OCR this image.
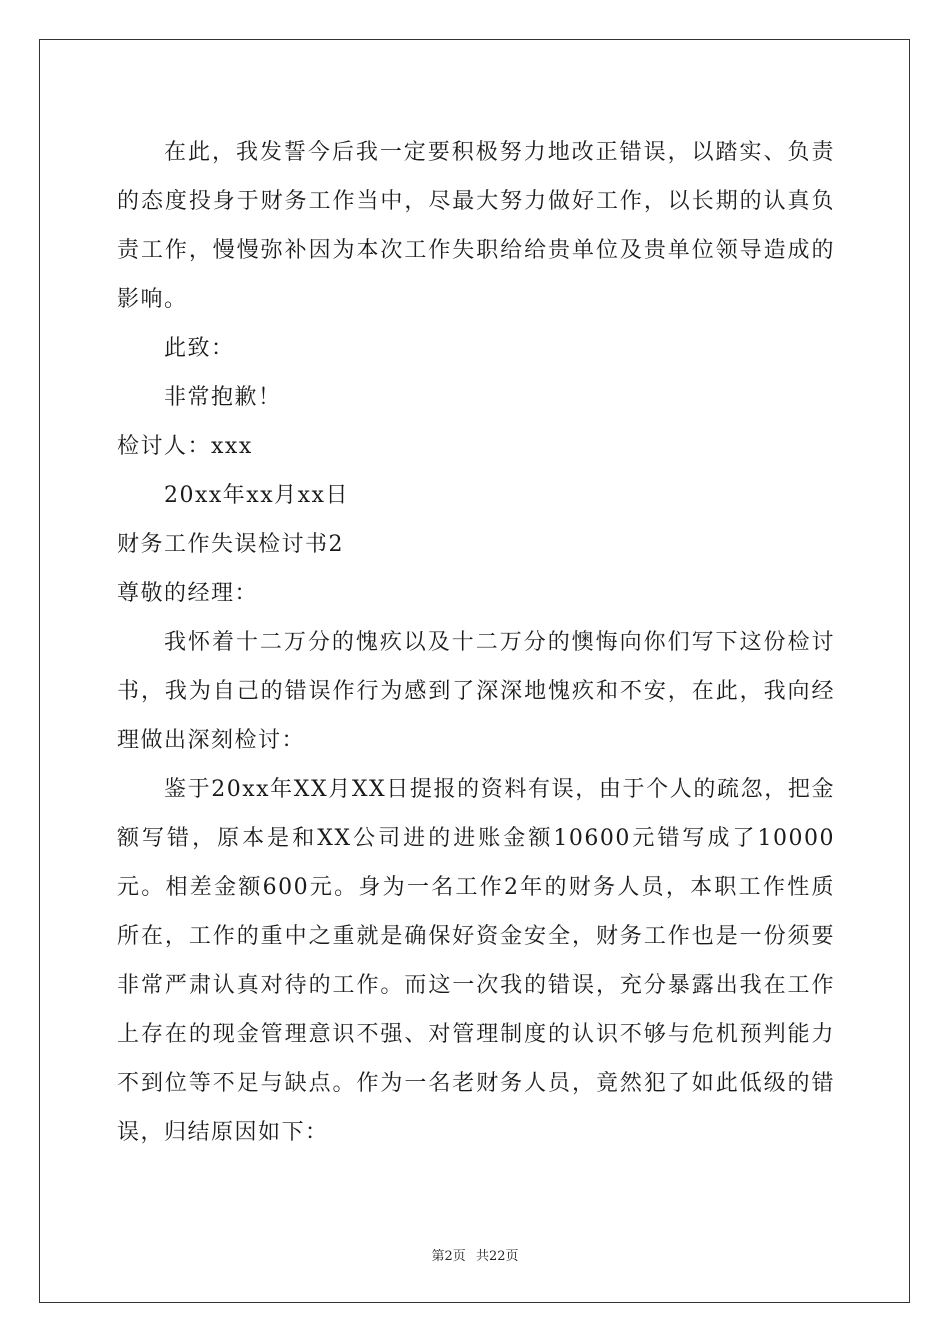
在此，我发誓今后我一定要积极努力地改正错误，以踏实、负责的态度投身于财务工作当中，尽最大努力做好工作，以长期的认真负责工作，慢慢弥补因为本次工作失职给给贵单位及贵单位领导造成的影响。

此致：

非常抱歉！

检讨人：xxx

20xx年xx月xx日

财务工作失误检讨书2

尊敬的经理：

我怀着十二万分的愧疚以及十二万分的懊悔向你们写下这份检讨书，我为自己的错误作行为感到了深深地愧疚和不安，在此，我向经理做出深刻检讨：

鉴于20xx年XX月XX日提报的资料有误，由于个人的疏忽，把金额写错，原本是和XX公司进的进账金额10600元错写成了10000元。相差金额600元。身为一名工作2年的财务人员，本职工作性质所在，工作的重中之重就是确保好资金安全，财务工作也是一份须要非常严肃认真对待的工作。而这一次我的错误，充分暴露出我在工作上存在的现金管理意识不强、对管理制度的认识不够与危机预判能力不到位等不足与缺点。作为一名老财务人员，竟然犯了如此低级的错误，归结原因如下：

第2页 共22页
